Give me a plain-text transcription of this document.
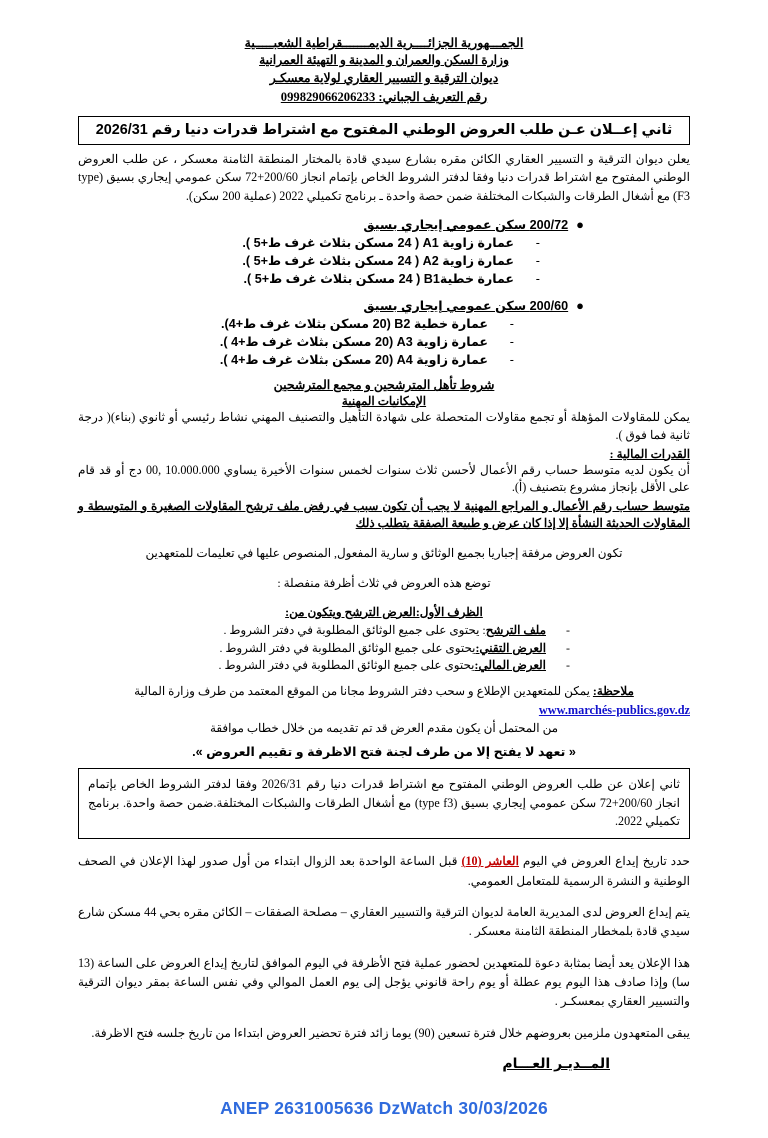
الجمـــهورية الجزائــــرية الديمـــــــقراطية الشعبـــــية
وزارة السكن والعمران و المدينة و التهيئة العمرانية
ديوان الترقية و التسيير العقاري لولاية معسكـر
رقم التعريف الجباني: 099829066206233
ثاني إعــلان عـن طلب العروض الوطني المفتوح مع اشتراط قدرات دنيا رقم 2026/31

يعلن ديوان الترقية و التسيير العقاري الكائن مقره بشارع سيدي قادة بالمختار المنطقة الثامنة معسكر ، عن طلب العروض الوطني المفتوح مع اشتراط قدرات دنيا وفقا لدفتر الشروط الخاص بإتمام انجاز 200/60+72 سكن عمومي إيجاري بسيق (type F3) مع أشغال الطرقات والشبكات المختلفة ضمن حصة واحدة ـ برنامج تكميلي 2022 (عملية 200 سكن).

●
200/72 سكن عمومي إيجاري بسيق
-
عمارة زاوية A1 ( 24 مسكن بثلاث غرف ط+5 ).
-
عمارة زاوية A2 ( 24 مسكن بثلاث غرف ط+5 ).
-
عمارة خطيةB1 ( 24 مسكن بثلاث غرف ط+5 ).
●
200/60 سكن عمومي إيجاري بسيق
-
عمارة خطية B2 (20 مسكن بثلاث غرف ط+4).
-
عمارة زاوية A3 (20 مسكن بثلاث غرف ط+4 ).
-
عمارة زاوية A4 (20 مسكن بثلاث غرف ط+4 ).
شروط تأهل المترشحين و مجمع المترشحين
الإمكانيات المهنية

يمكن للمقاولات المؤهلة أو تجمع مقاولات المتحصلة على شهادة التأهيل والتصنيف المهني نشاط رئيسي أو ثانوي (بناء)( درجة ثانية فما فوق ).

القدرات المالية :

أن يكون لديه متوسط حساب رقم الأعمال لأحسن ثلاث سنوات لخمس سنوات الأخيرة يساوي 10.000.000 ,00 دج أو قد قام على الأقل بإنجاز مشروع بتصنيف (أ).

متوسط حساب رقم الأعمال و المراجع المهنية لا يجب أن تكون سبب في رفض ملف ترشح المقاولات الصغيرة و المتوسطة و المقاولات الحديثة النشأة إلا إذا كان عرض و طبيعة الصفقة يتطلب ذلك

تكون العروض مرفقة إجباريا بجميع الوثائق و سارية المفعول, المنصوص عليها في تعليمات للمتعهدين

توضع هذه العروض في ثلاث أظرفة منفصلة :

الظرف الأول:العرض الترشح ويتكون من:
-
ملف الترشح: يحتوى على جميع الوثائق المطلوبة في دفتر الشروط .
-
العرض التقني:يحتوى على جميع الوثائق المطلوبة في دفتر الشروط .
-
العرض المالي:يحتوى على جميع الوثائق المطلوبة في دفتر الشروط .
ملاحظة: يمكن للمتعهدين الإطلاع و سحب دفتر الشروط مجانا من الموقع المعتمد من طرف وزارة المالية
www.marchés-publics.gov.dz
من المحتمل أن يكون مقدم العرض قد تم تقديمه من خلال خطاب موافقة
« تعهد لا يفتح إلا من طرف لجنة فتح الاظرفة و تقييم العروض ».

ثاني إعلان عن طلب العروض الوطني المفتوح مع اشتراط قدرات دنيا رقم 2026/31 وفقا لدفتر الشروط الخاص بإتمام انجاز 200/60+72 سكن عمومي إيجاري بسيق (type f3) مع أشغال الطرقات والشبكات المختلفة.ضمن حصة واحدة. برنامج تكميلي 2022.

حدد تاريخ إيداع العروض في اليوم العاشر (10) قبل الساعة الواحدة بعد الزوال ابتداء من أول صدور لهذا الإعلان في الصحف الوطنية و النشرة الرسمية للمتعامل العمومي.

يتم إيداع العروض لدى المديرية العامة لديوان الترقية والتسيير العقاري – مصلحة الصفقات – الكائن مقره بحي 44 مسكن شارع سيدي قادة بلمخطار المنطقة الثامنة معسكر .

هذا الإعلان يعد أيضا بمثابة دعوة للمتعهدين لحضور عملية فتح الأظرفة في اليوم الموافق لتاريخ إيداع العروض على الساعة (13 سا) وإذا صادف هذا اليوم يوم عطلة أو يوم راحة قانوني يؤجل إلى يوم العمل الموالي وفي نفس الساعة بمقر ديوان الترقية والتسيير العقاري بمعسكـر .

يبقى المتعهدون ملزمين بعروضهم خلال فترة تسعين (90) يوما زائد فترة تحضير العروض ابتداءا من تاريخ جلسه فتح الاظرفة.

المــديـر العـــام
ANEP 2631005636 DzWatch 30/03/2026
